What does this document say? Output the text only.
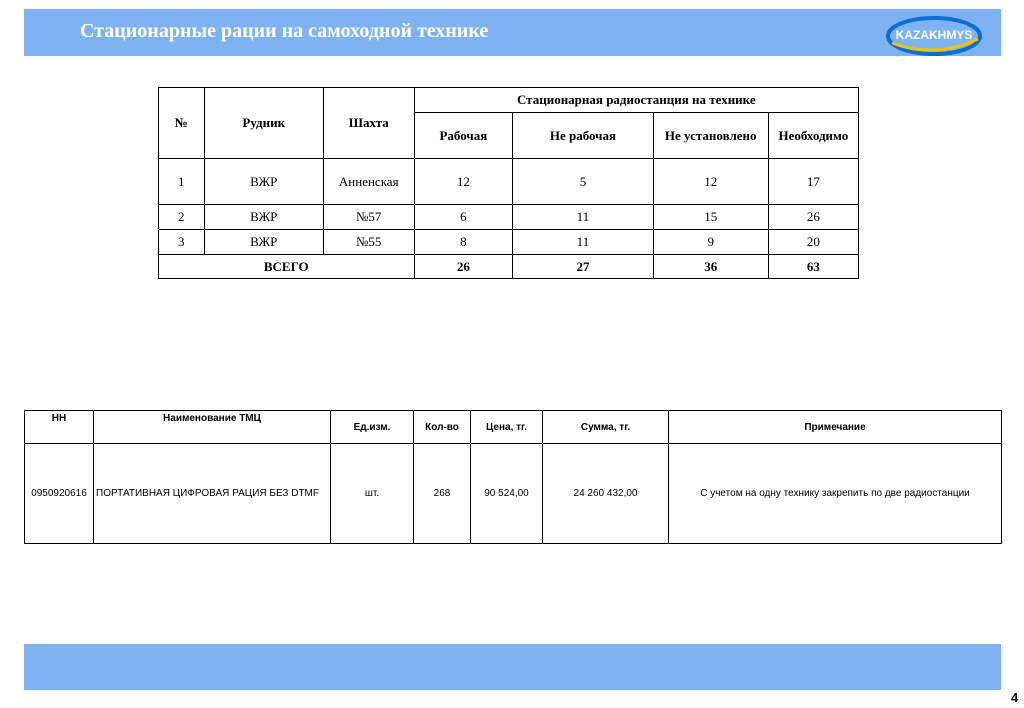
Стационарные рации на самоходной технике	KAZAKHMYS
№	Рудник	Шахта	Стационарная радиостанция на технике			
			Рабочая	Не рабочая	Не установлено	Необходимо
1	ВЖР	Анненская	12	5	12	17
2	ВЖР	№57	6	11	15	26
3	ВЖР	№55	8	11	9	20
ВСЕГО			26	27	36	63
НН	Наименование ТМЦ	Ед.изм.	Кол-во	Цена, тг.	Сумма, тг.	Примечание
0950920616	ПОРТАТИВНАЯ ЦИФРОВАЯ РАЦИЯ БЕЗ DTMF	шт.	268	90 524,00	24 260 432,00	С учетом на одну технику закрепить по две радиостанции
4
